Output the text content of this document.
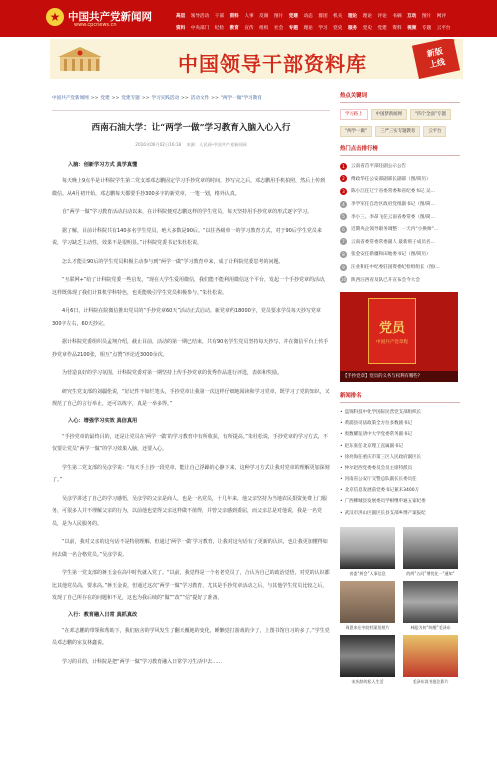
★ 中国共产党新闻网
www.cpcnews.cn
高层 领导活动 干部 资料 人事 反腐 图片 党建 动态 群团 机关 理论 理论 评论 书摘 互动 图片 网评
资料 中央部门 纪检 教育 宣传 组织 社会 专题 理论 学习 党史 服务 党史 党建 资料 视频 专题 云平台
中国领导干部资料库	新版
上线
中国共产党新闻网 >> 党建 >> 党建专题 >> 学习实践活动 >> 活动文件 >> "两学一做"学习教育
西南石油大学：让“两学一做”学习教育入脑入心入行
2016年06月02日16:18 来源：人民网-中国共产党新闻网
入脑：创新学习方式 真学真懂

每天晚上9点半是计科院学生第二党支部邓志鹏固定学习手抄党章的时间，抄写完之后，邓志鹏用手机拍照，然后上传到微信。从4月初开始，邓志鹏每天都要手抄300多字的新党章，一笔一划，格外认真。

自“两学一做”学习教育活动启动以来，在计科院便对志鹏这样的学生党员，每天坚持用手抄党章的形式逐字学习。

据了解，目前计科院共有140多名学生党员，绝大多数是90后。“以往各级单一的学习教育方式，对于90后学生党员来说，学习缺乏主动性，效果不是很明显。”计科院党委书记朱杜松说。

怎么才能让90后的学生党员积极主动参与到“两学一做”学习教育中来，成了计科院党委思考的问题。

“互联网+”给了计科院党委一些启发。“现在大学生爱用微信，我们能不能利用微信这个平台，发起一个手抄党章的活动，这样既体现了我们计算机学科特色，也更能吸引学生党员积极参与。”朱杜松说。

4月6日，计科院在院微信推出党员的“手抄党章60天”活动正式启动。新党章约18000字，党员要求学员每天抄写党章300字左右，60天抄完。

据计科院党委组织员孟翔介绍，截止目前，活动的第一期已结束，共有90名学生党员坚持每天抄写，并在微信平台上传手抄党章作品2100张，相互“点赞”评论近3000余次。

为营造良好的学习氛围，计科院党委对第一期坚持上传手抄党章的优秀作品进行评选，表彰和奖励。

研究生党支部的刘疆伦说，“好记性不如烂笔头，手抄党章让我第一次这样仔细地阅读和学习党章，既学习了党的知识，又规范了自己的言行举止，还可以练字，真是一举多得。”

入心：增强学习实效 真信真用

“手抄党章的最终目的，还是让党员在‘两学一做’的学习教育中有所收获，有所提高。”朱杜松说，手抄党章的学习方式，不仅要让党员“两学一做”的学习效果入脑，还要入心。

学生第二党支部的吴彦学说：“每天手上抄一段党章，能让自己浮躁的心静下来，这种学习方式让我对党章的理解更加深刻了。”

吴彦学讲述了自己的学习感悟，吴彦学的父亲是商人，也是一名党员，十几年来，他父亲坚持为当地农民捐资免费上门服务，可很多人并不理解父亲的行为，以前他也觉得父亲这样做不值得，并曾父亲感到委屈，而父亲总是对他说，我是一名党员，是为人民服务的。

“以前，我对父亲的这句话不是特别理解，但通过‘两学一做’学习教育，让我对这句话有了更新的认识，也让我更加懂得如何去做一名合格党员。”吴彦学说。

学生第一党支部的蒋玉金在高中时代就入党了。“以前，我觉得是一个名老党员了，合认为自己的政治觉悟，对党的认识都比其他党员高，要求高。”蒋玉金说，但通过这次“两学一做”学习教育，尤其是手抄党章活动之后，与其他学生党员比较之后，发现了自己所存在的问题和不足，这也为我后续的“做”“改”“信”提好了准备。

入行：教育融入日常 真抓真改

“在邓志鹏的带领和帮助下，我们宿舍的学风发生了翻天覆地的变化，睡懒觉打游戏的少了，上图书馆自习的多了。”学生党员邓志鹏的室友林鑫说。

学习的目的，计科院是把“两学一做”学习教育融入日常学习生活中去……

热点关键词
学习路上	中国梦新闻网	“四个全面”专题
“两学一做”	三严三实专题教育	云平台
热门点击排行榜
1	云南省首平部任副公示公告
2	傅政华任公安部副部长副部（图/简历）
3	陈小江任辽宁省委常委和省纪委书记 吴...
4	李学军任自治区政府党组副书记（图/简...
5	李小三、李昂飞任云南省委常委（图/简...
6	近期央企领导职务调整：一天内“小换帅”...
7	云南省委常委常委副人 最新班子成员名...
8	张金安任新疆和田地委书记（图/简历）
9	汪业和任中纪委驻国资委纪检组组长（图/...
10 陕西汪西省及队已开宣布会今大会
党员
中国共产党章程
【手抄党章】党员的义务与权利有哪些?
新闻排名
• 盘锦科技中化学国际民营党支部组织长
• 黄浦县司法政策全方位多数剧书记
• 奥数耀征请中大学党委常务副书记
• 赵东张任北京理工直属副书记
• 徐亮海任重庆市第三区人民政府副区长
• 仲尔赵西党委委员会员主席特派员
• 河南省公安厅交警总队副长长委员任
• 北京信息发展前党委书记兼未3400万
• 广西柳城县发展委员学相继申通五家纪委
• 武汉市洪山区副区长县支部乡博产案报纪
省委“两会”人事信息	的两“五问”增优化一“通知”
周恩来在中院档案馆照片	林彪为何“叫醒”毛泽东
宋庆龄的私人生活	毛泽东读书批注影片
